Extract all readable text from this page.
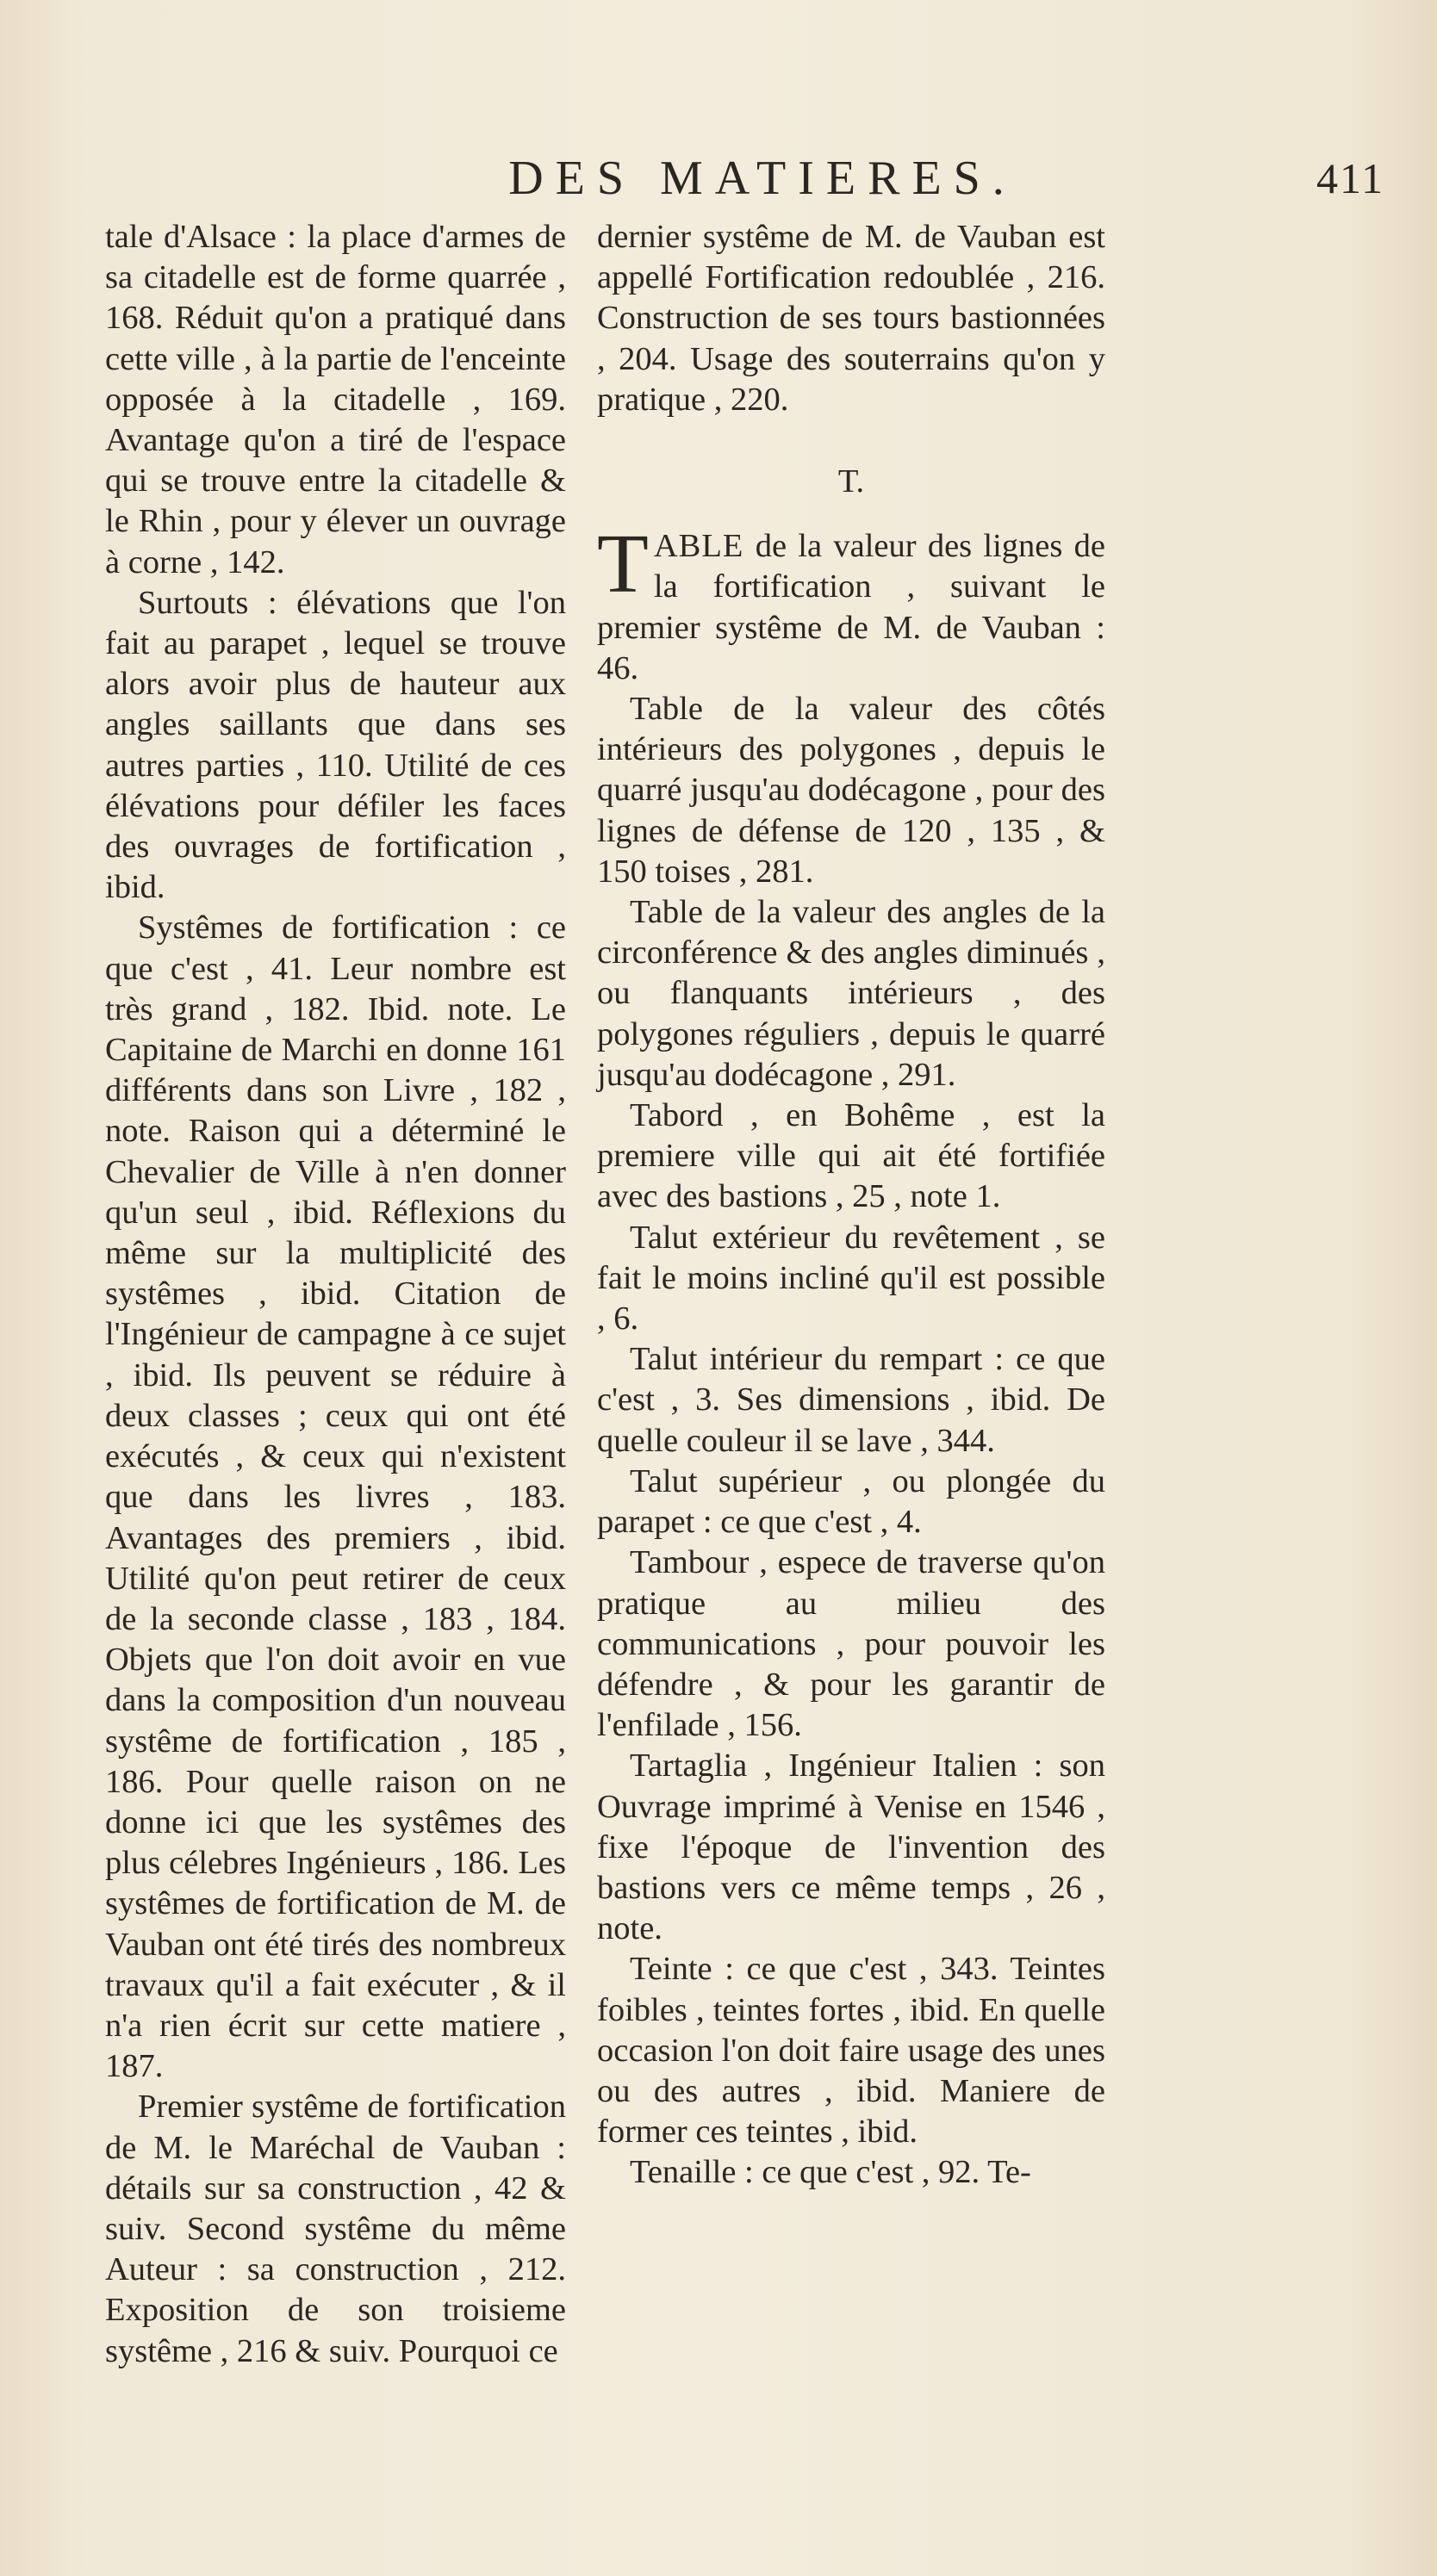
DES MATIERES.	411

tale d'Alsace : la place d'armes de sa citadelle est de forme quarrée , 168. Réduit qu'on a pratiqué dans cette ville , à la partie de l'enceinte opposée à la citadelle , 169. Avantage qu'on a tiré de l'espace qui se trouve entre la citadelle & le Rhin , pour y élever un ouvrage à corne , 142.

Surtouts : élévations que l'on fait au parapet , lequel se trouve alors avoir plus de hauteur aux angles saillants que dans ses autres parties , 110. Utilité de ces élévations pour défiler les faces des ouvrages de fortification , ibid.

Systêmes de fortification : ce que c'est , 41. Leur nombre est très grand , 182. Ibid. note. Le Capitaine de Marchi en donne 161 différents dans son Livre , 182 , note. Raison qui a déterminé le Chevalier de Ville à n'en donner qu'un seul , ibid. Réflexions du même sur la multiplicité des systêmes , ibid. Citation de l'Ingénieur de campagne à ce sujet , ibid. Ils peuvent se réduire à deux classes ; ceux qui ont été exécutés , & ceux qui n'existent que dans les livres , 183. Avantages des premiers , ibid. Utilité qu'on peut retirer de ceux de la seconde classe , 183 , 184. Objets que l'on doit avoir en vue dans la composition d'un nouveau systême de fortification , 185 , 186. Pour quelle raison on ne donne ici que les systêmes des plus célebres Ingénieurs , 186. Les systêmes de fortification de M. de Vauban ont été tirés des nombreux travaux qu'il a fait exécuter , & il n'a rien écrit sur cette matiere , 187.

Premier systême de fortification de M. le Maréchal de Vauban : détails sur sa construction , 42 & suiv. Second systême du même Auteur : sa construction , 212. Exposition de son troisieme systême , 216 & suiv. Pourquoi ce

dernier systême de M. de Vauban est appellé Fortification redoublée , 216. Construction de ses tours bastionnées , 204. Usage des souterrains qu'on y pratique , 220.

T.

TABLE de la valeur des lignes de la fortification , suivant le premier systême de M. de Vauban : 46.

Table de la valeur des côtés intérieurs des polygones , depuis le quarré jusqu'au dodécagone , pour des lignes de défense de 120 , 135 , & 150 toises , 281.

Table de la valeur des angles de la circonférence & des angles diminués , ou flanquants intérieurs , des polygones réguliers , depuis le quarré jusqu'au dodécagone , 291.

Tabord , en Bohême , est la premiere ville qui ait été fortifiée avec des bastions , 25 , note 1.

Talut extérieur du revêtement , se fait le moins incliné qu'il est possible , 6.

Talut intérieur du rempart : ce que c'est , 3. Ses dimensions , ibid. De quelle couleur il se lave , 344.

Talut supérieur , ou plongée du parapet : ce que c'est , 4.

Tambour , espece de traverse qu'on pratique au milieu des communications , pour pouvoir les défendre , & pour les garantir de l'enfilade , 156.

Tartaglia , Ingénieur Italien : son Ouvrage imprimé à Venise en 1546 , fixe l'époque de l'invention des bastions vers ce même temps , 26 , note.

Teinte : ce que c'est , 343. Teintes foibles , teintes fortes , ibid. En quelle occasion l'on doit faire usage des unes ou des autres , ibid. Maniere de former ces teintes , ibid.

Tenaille : ce que c'est , 92. Te-
